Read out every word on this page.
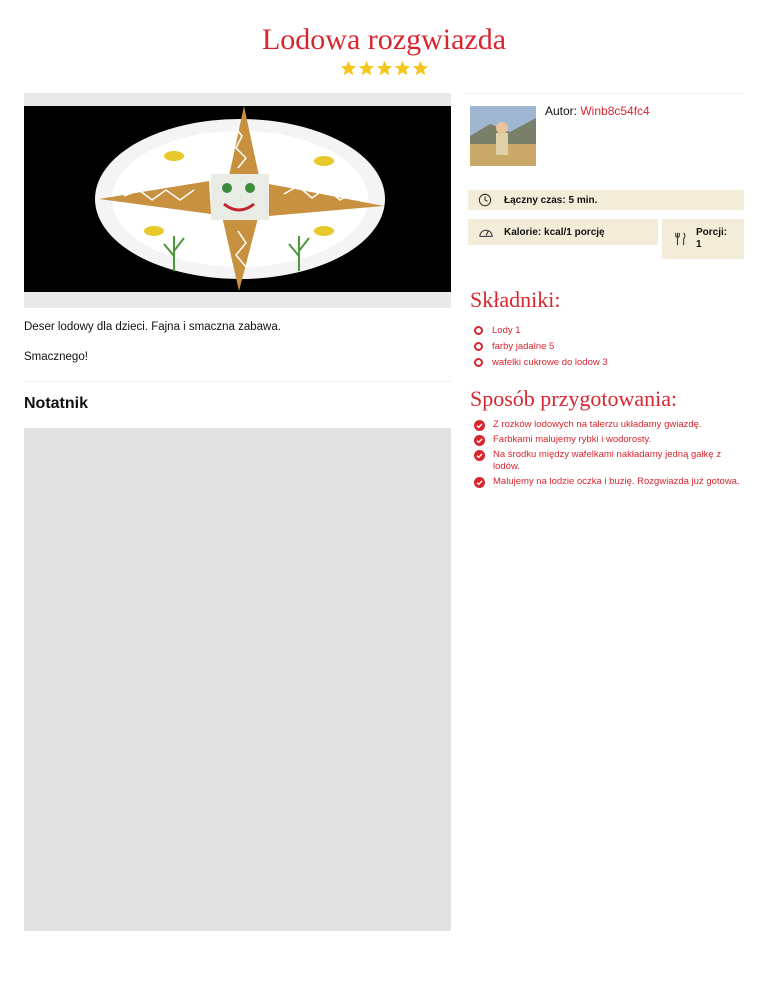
Lodowa rozgwiazda

Deser lodowy dla dzieci. Fajna i smaczna zabawa.

Smacznego!

Notatnik
Autor: Winb8c54fc4
Łączny czas: 5 min.
Kalorie: kcal/1 porcję	Porcji:
1
Składniki:
Lody 1
farby jadalne 5
wafelki cukrowe do lodow 3
Sposób przygotowania:
Z rozków lodowych na talerzu układamy gwiazdę.
Farbkami malujemy rybki i wodorosty.
Na środku między wafelkami nakładamy jedną gałkę z lodów.
Malujemy na lodzie oczka i buzię. Rozgwiazda już gotowa.
